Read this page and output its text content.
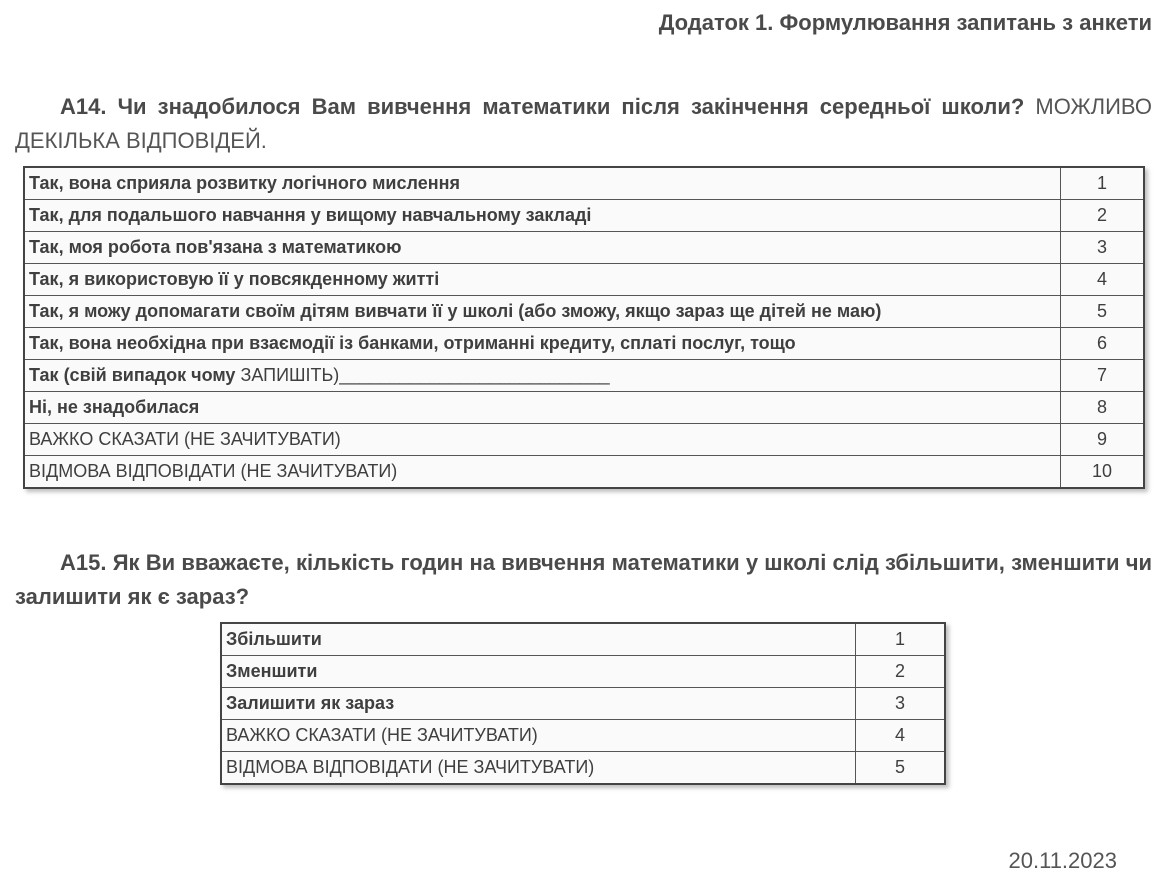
Додаток 1. Формулювання запитань з анкети
А14. Чи знадобилося Вам вивчення математики після закінчення середньої школи? МОЖЛИВО ДЕКІЛЬКА ВІДПОВІДЕЙ.
Так, вона сприяла розвитку логічного мислення	1
Так, для подальшого навчання у вищому навчальному закладі	2
Так, моя робота пов'язана з математикою	3
Так, я використовую її у повсякденному житті	4
Так, я можу допомагати своїм дітям вивчати її у школі (або зможу, якщо зараз ще дітей не маю)	5
Так, вона необхідна при взаємодії із банками, отриманні кредиту, сплаті послуг, тощо	6
Так (свій випадок чому ЗАПИШІТЬ)___________________________	7
Ні, не знадобилася	8
ВАЖКО СКАЗАТИ (НЕ ЗАЧИТУВАТИ)	9
ВІДМОВА ВІДПОВІДАТИ (НЕ ЗАЧИТУВАТИ)	10
А15. Як Ви вважаєте, кількість годин на вивчення математики у школі слід збільшити, зменшити чи залишити як є зараз?
Збільшити	1
Зменшити	2
Залишити як зараз	3
ВАЖКО СКАЗАТИ (НЕ ЗАЧИТУВАТИ)	4
ВІДМОВА ВІДПОВІДАТИ (НЕ ЗАЧИТУВАТИ)	5
20.11.2023
